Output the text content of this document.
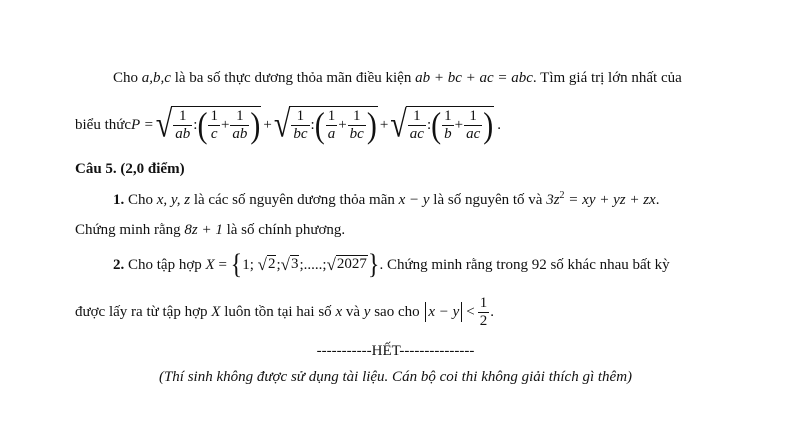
Cho a,b,c là ba số thực dương thỏa mãn điều kiện ab + bc + ac = abc. Tìm giá trị lớn nhất của
biểu thức P = √ $\frac{1}{ab}$ : ( $\frac{1}{c} + \frac{1}{ab}$ ) + √ $\frac{1}{bc}$ : ( $\frac{1}{a} + \frac{1}{bc}$ ) + √ $\frac{1}{ac}$ : ( $\frac{1}{b} + \frac{1}{ac}$ ) .
Câu 5. (2,0 điểm)
1. Cho x, y, z là các số nguyên dương thỏa mãn x − y là số nguyên tố và $3z^2$ = xy + yz + zx.
Chứng minh rằng 8z + 1 là số chính phương.
2. Cho tập hợp X = { 1; √ 2 ; √ 3 ;.....; √ 2027 } . Chứng minh rằng trong 92 số khác nhau bất kỳ
được lấy ra từ tập hợp X luôn tồn tại hai số x và y sao cho $x - y < \frac{1}{2}$ .
-----------HẾT---------------
(Thí sinh không được sử dụng tài liệu. Cán bộ coi thi không giải thích gì thêm)
